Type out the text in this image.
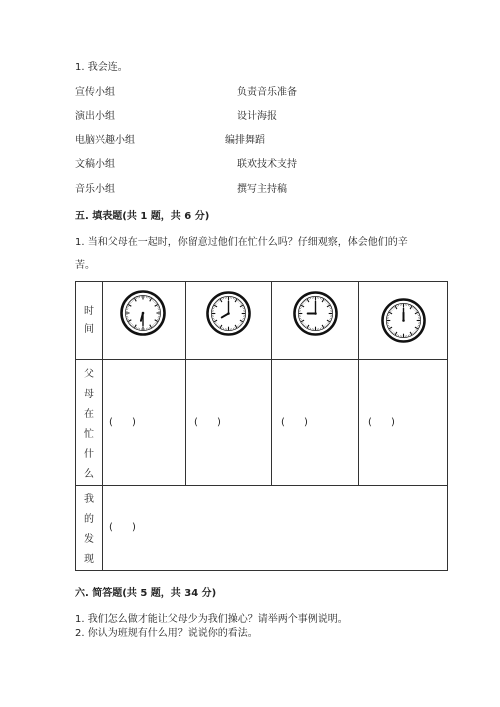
1. 我会连。
宣传小组
演出小组
电脑兴趣小组
文稿小组
音乐小组
负责音乐准备
设计海报
编排舞蹈
联欢技术支持
撰写主持稿
五. 填表题(共 1 题，共 6 分)
1. 当和父母在一起时，你留意过他们在忙什么吗？仔细观察，体会他们的辛
苦。
时
间
父
母
在
忙
什
么
我
的
发
现
(      )	(      )	(      )	(      )
(      )
六. 简答题(共 5 题，共 34 分)
1. 我们怎么做才能让父母少为我们操心？请举两个事例说明。
2. 你认为班规有什么用？说说你的看法。
